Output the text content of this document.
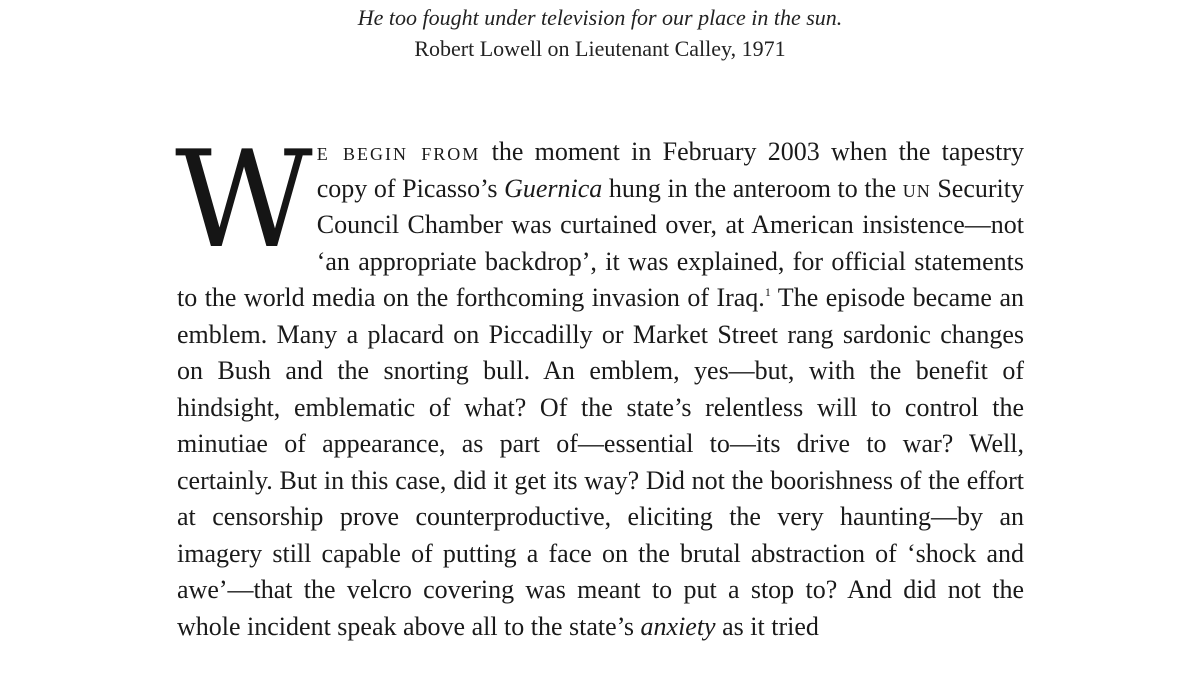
He too fought under television for our place in the sun.
Robert Lowell on Lieutenant Calley, 1971
We begin from the moment in February 2003 when the tapestry copy of Picasso’s Guernica hung in the anteroom to the un Security Council Chamber was curtained over, at American insistence—not ‘an appropriate backdrop’, it was explained, for official statements to the world media on the forthcoming invasion of Iraq.$^1$ The episode became an emblem. Many a placard on Piccadilly or Market Street rang sardonic changes on Bush and the snorting bull. An emblem, yes—but, with the benefit of hindsight, emblematic of what? Of the state’s relentless will to control the minutiae of appearance, as part of—essential to—its drive to war? Well, certainly. But in this case, did it get its way? Did not the boorishness of the effort at censorship prove counterproductive, eliciting the very haunting—by an imagery still capable of putting a face on the brutal abstraction of ‘shock and awe’—that the velcro covering was meant to put a stop to? And did not the whole incident speak above all to the state’s anxiety as it tried
